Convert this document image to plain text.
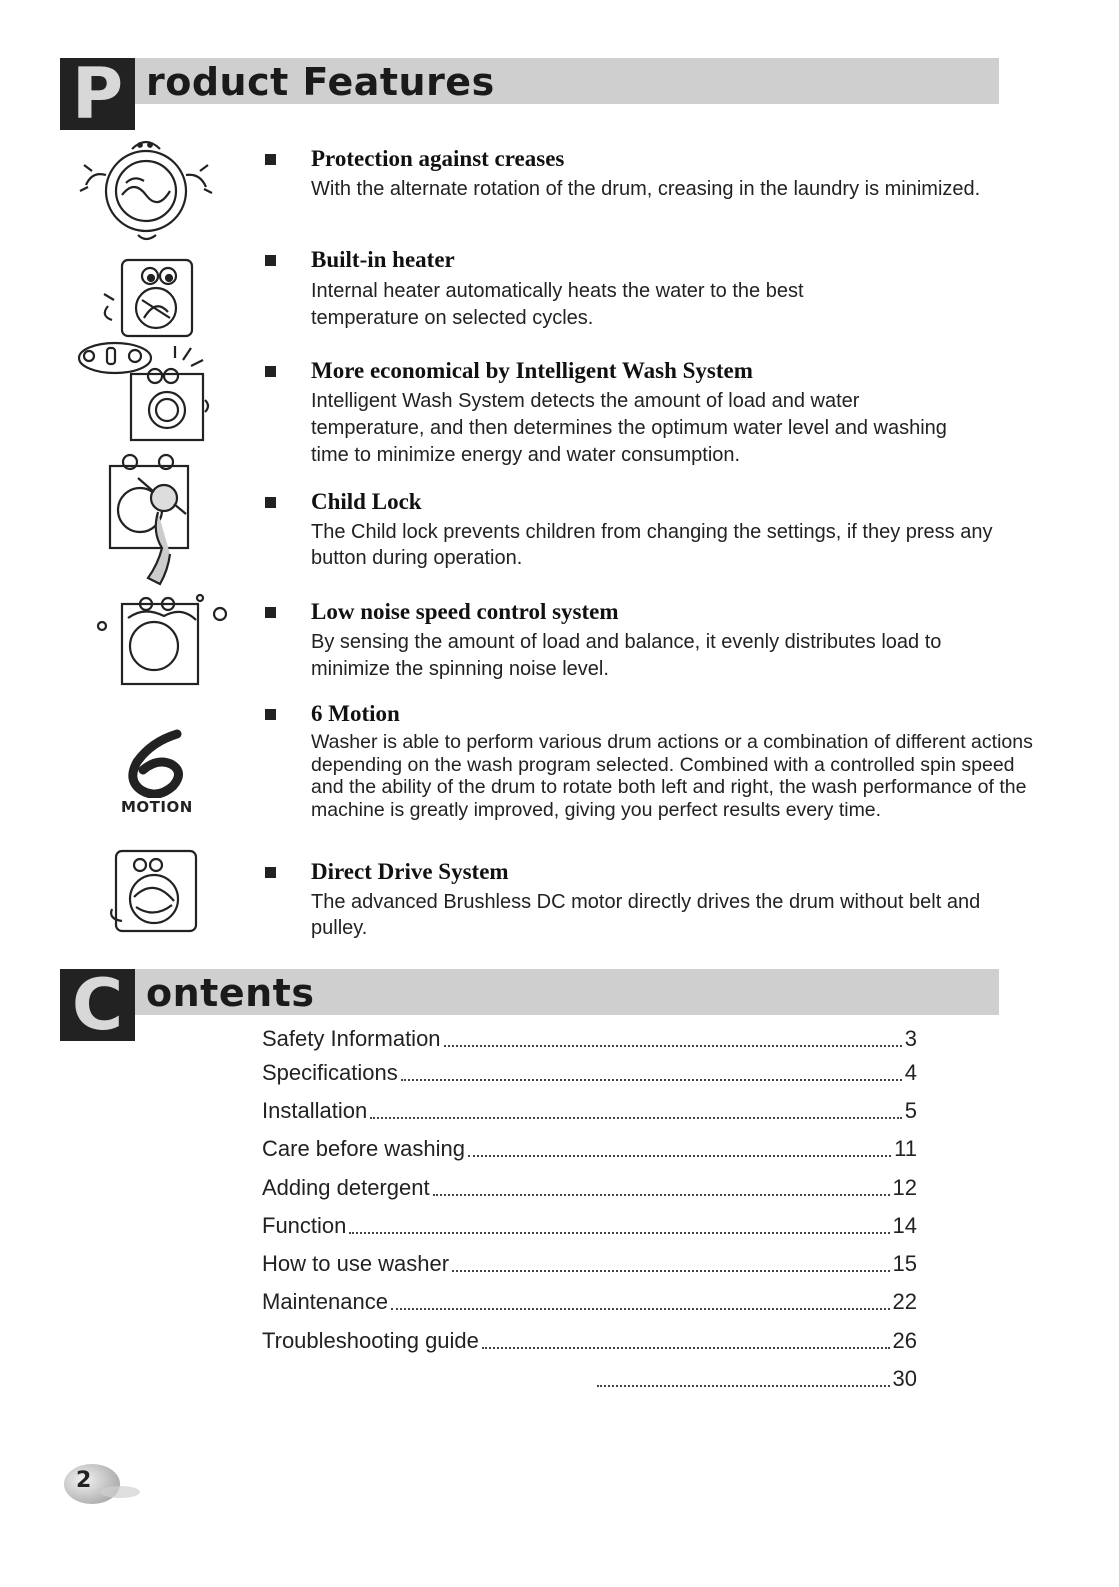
P roduct Features
MOTION
Protection against creases

With the alternate rotation of the drum, creasing in the laundry is minimized.

Built-in heater

Internal heater automatically heats the water to the best temperature on selected cycles.

More economical by Intelligent Wash System

Intelligent Wash System detects the amount of load and water temperature, and then determines the optimum water level and washing time to minimize energy and water consumption.

Child Lock

The Child lock prevents children from changing the settings, if they press any button during operation.

Low noise speed control system

By sensing the amount of load and balance, it evenly distributes load to minimize the spinning noise level.

6 Motion

Washer is able to perform various drum actions or a combination of different actions depending on the wash program selected. Combined with a controlled spin speed and the ability of the drum to rotate both left and right, the wash performance of the machine is greatly improved, giving you perfect results every time.

Direct Drive System

The advanced Brushless DC motor directly drives the drum without belt and pulley.

C ontents
Safety Information	3
Specifications	4
Installation	5
Care before washing	11
Adding detergent	12
Function	14
How to use washer	15
Maintenance	22
Troubleshooting guide	26
30
2
